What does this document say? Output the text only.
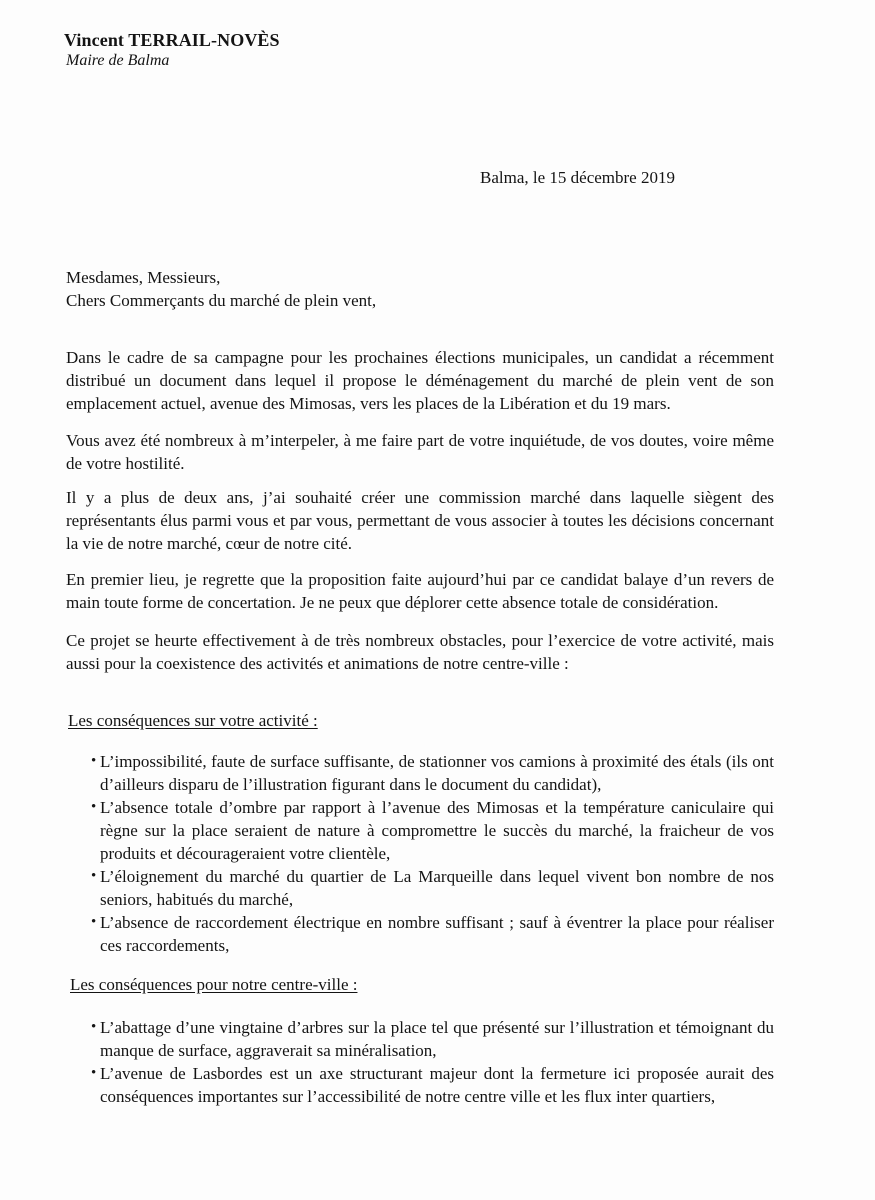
Vincent TERRAIL-NOVÈS
Maire de Balma
Balma, le 15 décembre 2019
Mesdames, Messieurs,
Chers Commerçants du marché de plein vent,
Dans le cadre de sa campagne pour les prochaines élections municipales, un candidat a récemment distribué un document dans lequel il propose le déménagement du marché de plein vent de son emplacement actuel, avenue des Mimosas, vers les places de la Libération et du 19 mars.
Vous avez été nombreux à m’interpeler, à me faire part de votre inquiétude, de vos doutes, voire même de votre hostilité.
Il y a plus de deux ans, j’ai souhaité créer une commission marché dans laquelle siègent des représentants élus parmi vous et par vous, permettant de vous associer à toutes les décisions concernant la vie de notre marché, cœur de notre cité.
En premier lieu, je regrette que la proposition faite aujourd’hui par ce candidat balaye d’un revers de main toute forme de concertation. Je ne peux que déplorer cette absence totale de considération.
Ce projet se heurte effectivement à de très nombreux obstacles, pour l’exercice de votre activité, mais aussi pour la coexistence des activités et animations de notre centre-ville :
Les conséquences sur votre activité :
• L’impossibilité, faute de surface suffisante, de stationner vos camions à proximité des étals (ils ont d’ailleurs disparu de l’illustration figurant dans le document du candidat),
• L’absence totale d’ombre par rapport à l’avenue des Mimosas et la température caniculaire qui règne sur la place seraient de nature à compromettre le succès du marché, la fraicheur de vos produits et décourageraient votre clientèle,
• L’éloignement du marché du quartier de La Marqueille dans lequel vivent bon nombre de nos seniors, habitués du marché,
• L’absence de raccordement électrique en nombre suffisant ; sauf à éventrer la place pour réaliser ces raccordements,
Les conséquences pour notre centre-ville :
• L’abattage d’une vingtaine d’arbres sur la place tel que présenté sur l’illustration et témoignant du manque de surface, aggraverait sa minéralisation,
• L’avenue de Lasbordes est un axe structurant majeur dont la fermeture ici proposée aurait des conséquences importantes sur l’accessibilité de notre centre ville et les flux inter quartiers,
